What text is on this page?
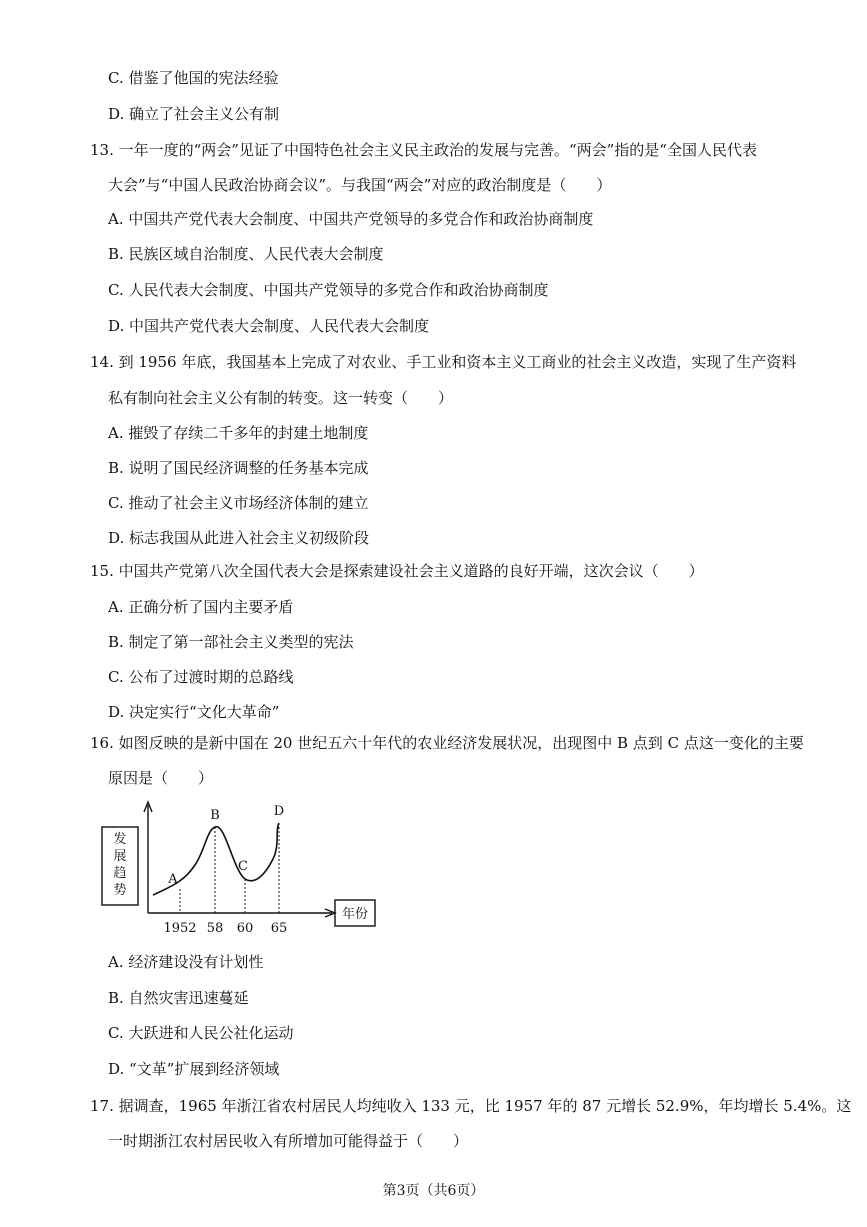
C. 借鉴了他国的宪法经验
D. 确立了社会主义公有制
13. 一年一度的“两会”见证了中国特色社会主义民主政治的发展与完善。“两会”指的是“全国人民代表
大会”与“中国人民政治协商会议”。与我国“两会”对应的政治制度是（　　）
A. 中国共产党代表大会制度、中国共产党领导的多党合作和政治协商制度
B. 民族区域自治制度、人民代表大会制度
C. 人民代表大会制度、中国共产党领导的多党合作和政治协商制度
D. 中国共产党代表大会制度、人民代表大会制度
14. 到 1956 年底，我国基本上完成了对农业、手工业和资本主义工商业的社会主义改造，实现了生产资料
私有制向社会主义公有制的转变。这一转变（　　）
A. 摧毁了存续二千多年的封建土地制度
B. 说明了国民经济调整的任务基本完成
C. 推动了社会主义市场经济体制的建立
D. 标志我国从此进入社会主义初级阶段
15. 中国共产党第八次全国代表大会是探索建设社会主义道路的良好开端，这次会议（　　）
A. 正确分析了国内主要矛盾
B. 制定了第一部社会主义类型的宪法
C. 公布了过渡时期的总路线
D. 决定实行“文化大革命”
16. 如图反映的是新中国在 20 世纪五六十年代的农业经济发展状况，出现图中 B 点到 C 点这一变化的主要
原因是（　　）
发
展
趋
势
年份
A
B
C
D
1952 58 60 65
A. 经济建设没有计划性
B. 自然灾害迅速蔓延
C. 大跃进和人民公社化运动
D. “文革”扩展到经济领域
17. 据调查，1965 年浙江省农村居民人均纯收入 133 元，比 1957 年的 87 元增长 52.9%，年均增长 5.4%。这
一时期浙江农村居民收入有所增加可能得益于（　　）
第3页（共6页）
